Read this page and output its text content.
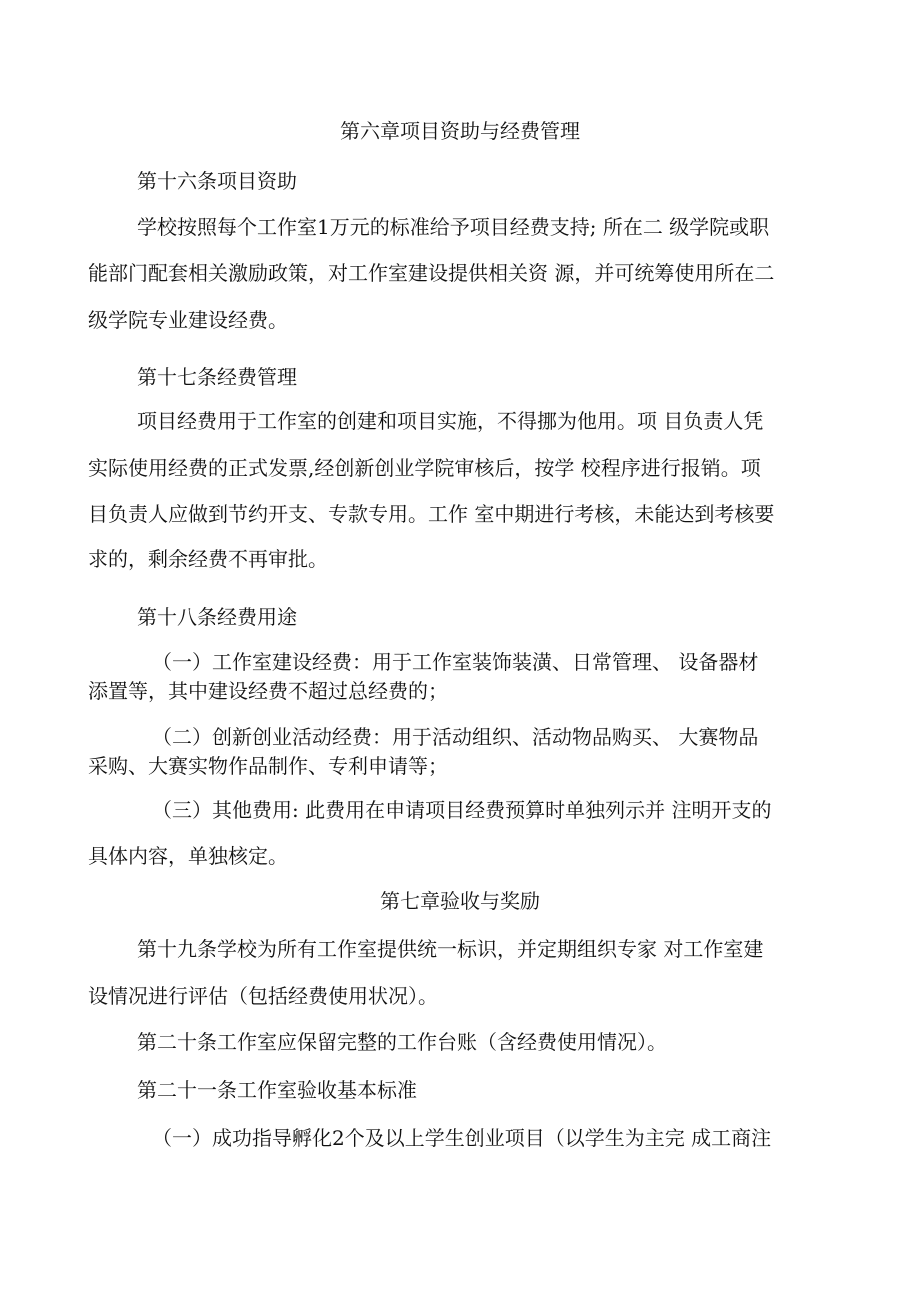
第六章项目资助与经费管理

第十六条项目资助

学校按照每个工作室1万元的标准给予项目经费支持; 所在二 级学院或职

能部门配套相关激励政策，对工作室建设提供相关资 源，并可统筹使用所在二

级学院专业建设经费。

第十七条经费管理

项目经费用于工作室的创建和项目实施，不得挪为他用。项 目负责人凭

实际使用经费的正式发票,经创新创业学院审核后，按学 校程序进行报销。项

目负责人应做到节约开支、专款专用。工作 室中期进行考核，未能达到考核要

求的，剩余经费不再审批。

第十八条经费用途

（一）工作室建设经费：用于工作室装饰装潢、日常管理、 设备器材

添置等，其中建设经费不超过总经费的；

（二）创新创业活动经费：用于活动组织、活动物品购买、 大赛物品

采购、大赛实物作品制作、专利申请等；

（三）其他费用: 此费用在申请项目经费预算时单独列示并 注明开支的

具体内容，单独核定。

第七章验收与奖励

第十九条学校为所有工作室提供统一标识，并定期组织专家 对工作室建

设情况进行评估（包括经费使用状况）。

第二十条工作室应保留完整的工作台账（含经费使用情况）。

第二十一条工作室验收基本标准

（一）成功指导孵化2个及以上学生创业项目（以学生为主完 成工商注
